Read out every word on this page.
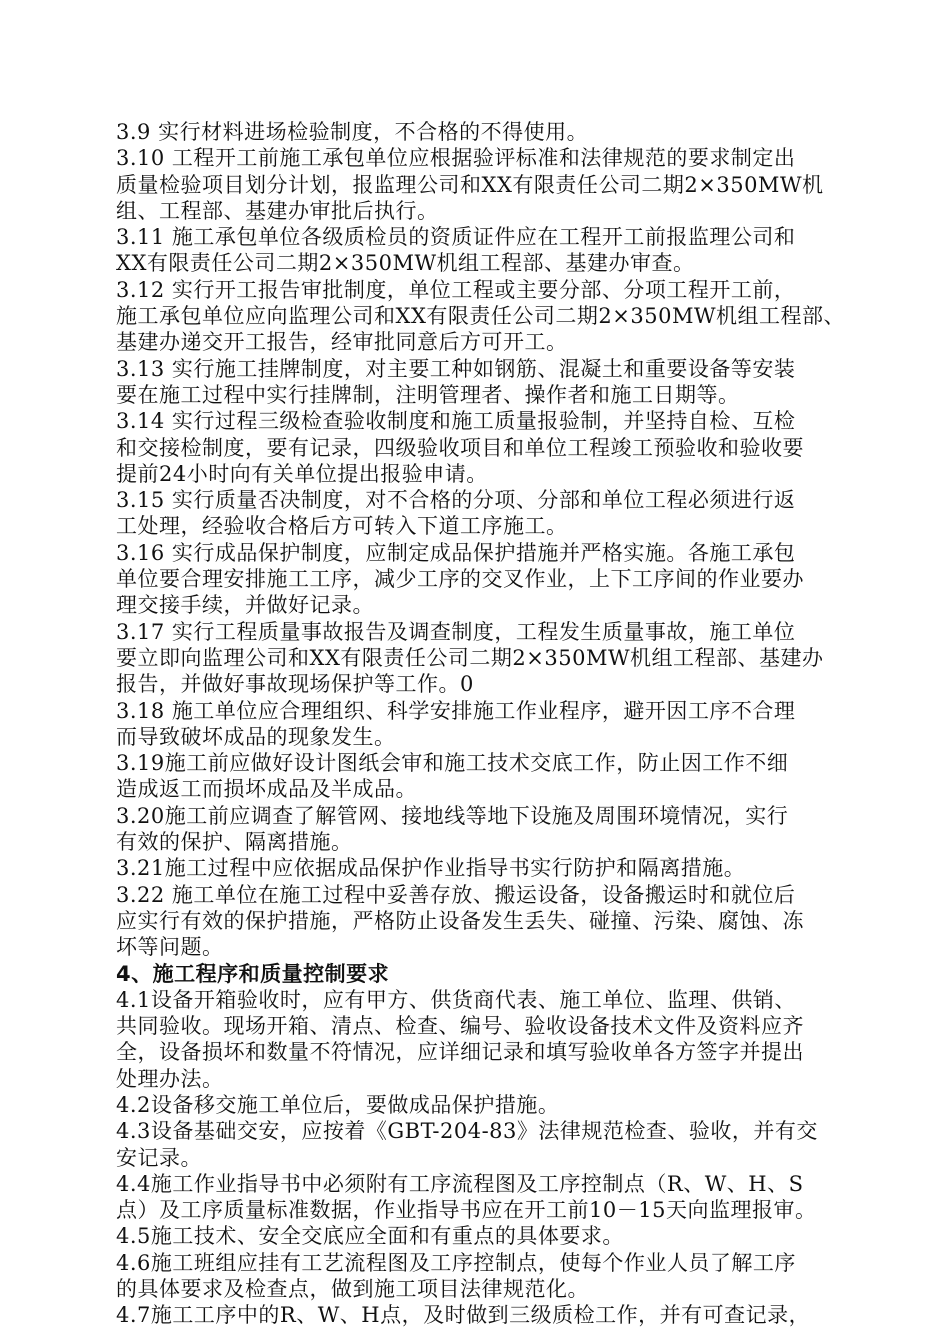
3.9 实行材料进场检验制度，不合格的不得使用。
3.10 工程开工前施工承包单位应根据验评标准和法律规范的要求制定出
质量检验项目划分计划，报监理公司和XX有限责任公司二期2×350MW机
组、工程部、基建办审批后执行。
3.11 施工承包单位各级质检员的资质证件应在工程开工前报监理公司和
XX有限责任公司二期2×350MW机组工程部、基建办审查。
3.12 实行开工报告审批制度，单位工程或主要分部、分项工程开工前，
施工承包单位应向监理公司和XX有限责任公司二期2×350MW机组工程部、
基建办递交开工报告，经审批同意后方可开工。
3.13 实行施工挂牌制度，对主要工种如钢筋、混凝土和重要设备等安装
要在施工过程中实行挂牌制，注明管理者、操作者和施工日期等。
3.14 实行过程三级检查验收制度和施工质量报验制，并坚持自检、互检
和交接检制度，要有记录，四级验收项目和单位工程竣工预验收和验收要
提前24小时向有关单位提出报验申请。
3.15 实行质量否决制度，对不合格的分项、分部和单位工程必须进行返
工处理，经验收合格后方可转入下道工序施工。
3.16 实行成品保护制度，应制定成品保护措施并严格实施。各施工承包
单位要合理安排施工工序，减少工序的交叉作业，上下工序间的作业要办
理交接手续，并做好记录。
3.17 实行工程质量事故报告及调查制度，工程发生质量事故，施工单位
要立即向监理公司和XX有限责任公司二期2×350MW机组工程部、基建办
报告，并做好事故现场保护等工作。0
3.18 施工单位应合理组织、科学安排施工作业程序，避开因工序不合理
而导致破坏成品的现象发生。
3.19施工前应做好设计图纸会审和施工技术交底工作，防止因工作不细
造成返工而损坏成品及半成品。
3.20施工前应调查了解管网、接地线等地下设施及周围环境情况，实行
有效的保护、隔离措施。
3.21施工过程中应依据成品保护作业指导书实行防护和隔离措施。
3.22 施工单位在施工过程中妥善存放、搬运设备，设备搬运时和就位后
应实行有效的保护措施，严格防止设备发生丢失、碰撞、污染、腐蚀、冻
坏等问题。
4、施工程序和质量控制要求
4.1设备开箱验收时，应有甲方、供货商代表、施工单位、监理、供销、
共同验收。现场开箱、清点、检查、编号、验收设备技术文件及资料应齐
全，设备损坏和数量不符情况，应详细记录和填写验收单各方签字并提出
处理办法。
4.2设备移交施工单位后，要做成品保护措施。
4.3设备基础交安，应按着《GBT-204-83》法律规范检查、验收，并有交
安记录。
4.4施工作业指导书中必须附有工序流程图及工序控制点（R、W、H、S
点）及工序质量标准数据，作业指导书应在开工前10－15天向监理报审。
4.5施工技术、安全交底应全面和有重点的具体要求。
4.6施工班组应挂有工艺流程图及工序控制点，使每个作业人员了解工序
的具体要求及检查点，做到施工项目法律规范化。
4.7施工工序中的R、W、H点，及时做到三级质检工作，并有可查记录，
